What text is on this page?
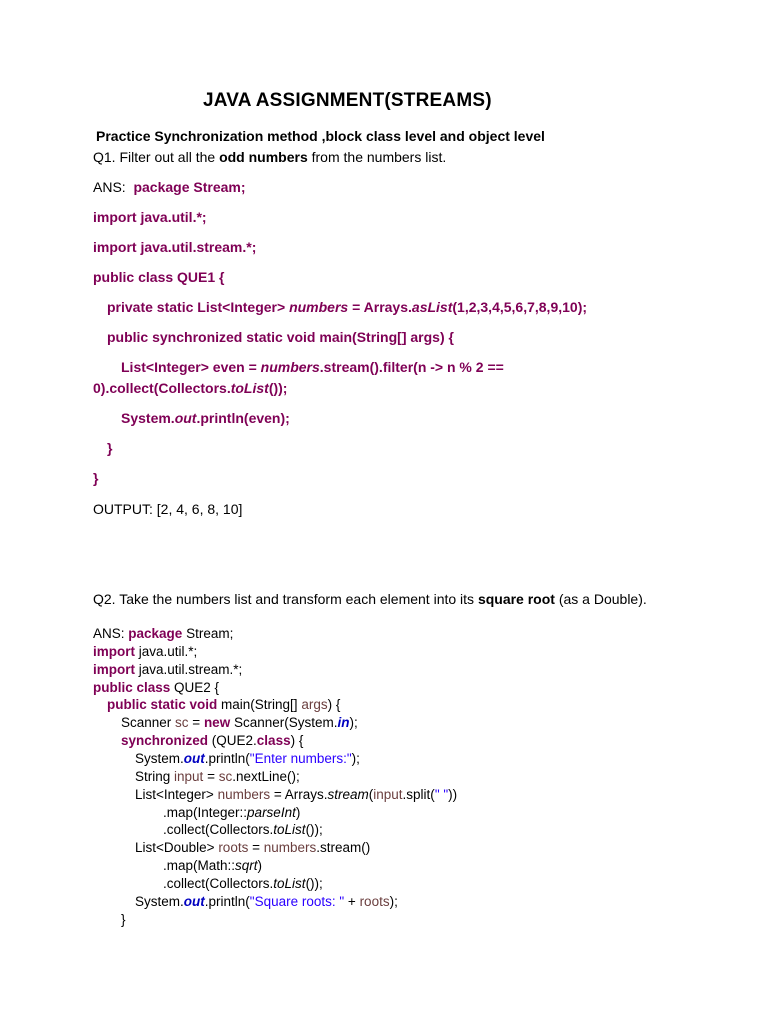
JAVA ASSIGNMENT(STREAMS)
Practice Synchronization method ,block class level and object level
Q1. Filter out all the odd numbers from the numbers list.
ANS:  package Stream;
import java.util.*;
import java.util.stream.*;
public class QUE1 {
private static List<Integer> numbers = Arrays.asList(1,2,3,4,5,6,7,8,9,10);
public synchronized static void main(String[] args) {
List<Integer> even = numbers.stream().filter(n -> n % 2 ==
0).collect(Collectors.toList());
System.out.println(even);
}
}
OUTPUT: [2, 4, 6, 8, 10]
Q2. Take the numbers list and transform each element into its square root (as a Double).
ANS: package Stream;
import java.util.*;
import java.util.stream.*;
public class QUE2 {
public static void main(String[] args) {
Scanner sc = new Scanner(System.in);
synchronized (QUE2.class) {
System.out.println("Enter numbers:");
String input = sc.nextLine();
List<Integer> numbers = Arrays.stream(input.split(" "))
.map(Integer::parseInt)
.collect(Collectors.toList());
List<Double> roots = numbers.stream()
.map(Math::sqrt)
.collect(Collectors.toList());
System.out.println("Square roots: " + roots);
}
